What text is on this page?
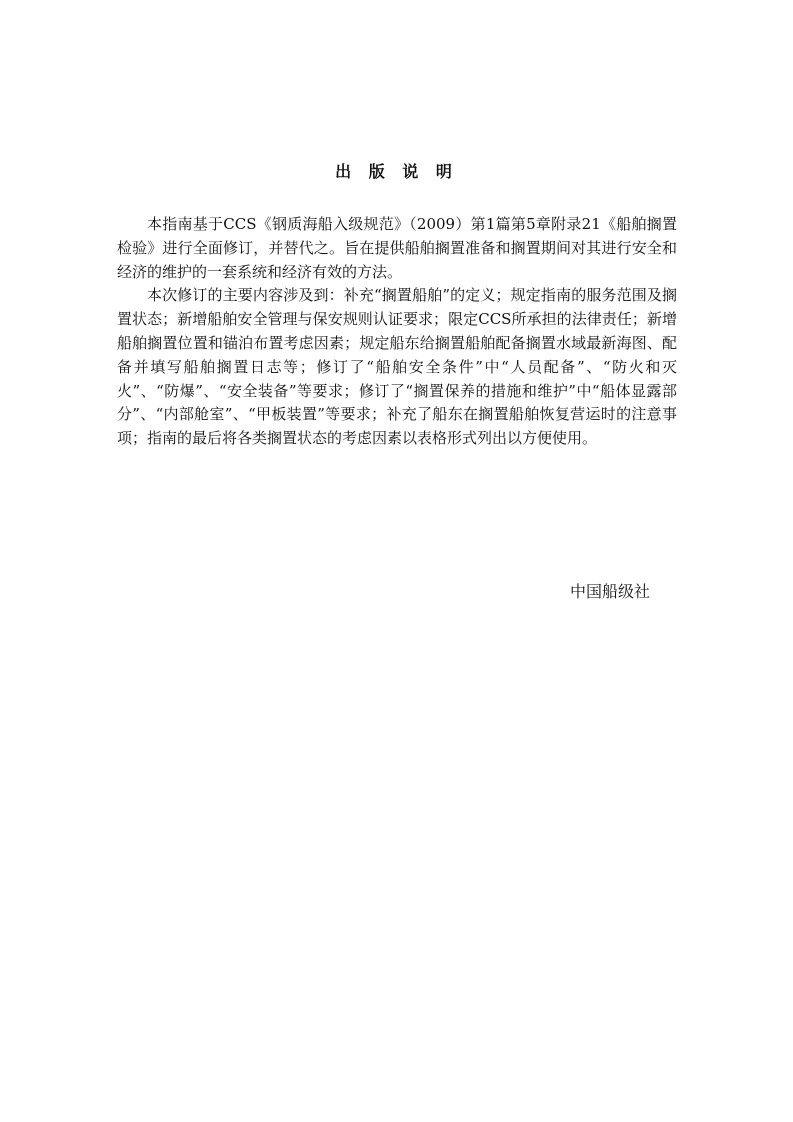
出 版 说 明

本指南基于CCS《钢质海船入级规范》（2009）第1篇第5章附录21《船舶搁置检验》进行全面修订，并替代之。旨在提供船舶搁置准备和搁置期间对其进行安全和经济的维护的一套系统和经济有效的方法。

本次修订的主要内容涉及到：补充“搁置船舶”的定义；规定指南的服务范围及搁置状态；新增船舶安全管理与保安规则认证要求；限定CCS所承担的法律责任；新增船舶搁置位置和锚泊布置考虑因素；规定船东给搁置船舶配备搁置水域最新海图、配备并填写船舶搁置日志等；修订了“船舶安全条件”中“人员配备”、“防火和灭火”、“防爆”、“安全装备”等要求；修订了“搁置保养的措施和维护”中“船体显露部分”、“内部舱室”、“甲板装置”等要求；补充了船东在搁置船舶恢复营运时的注意事项；指南的最后将各类搁置状态的考虑因素以表格形式列出以方便使用。

中国船级社
